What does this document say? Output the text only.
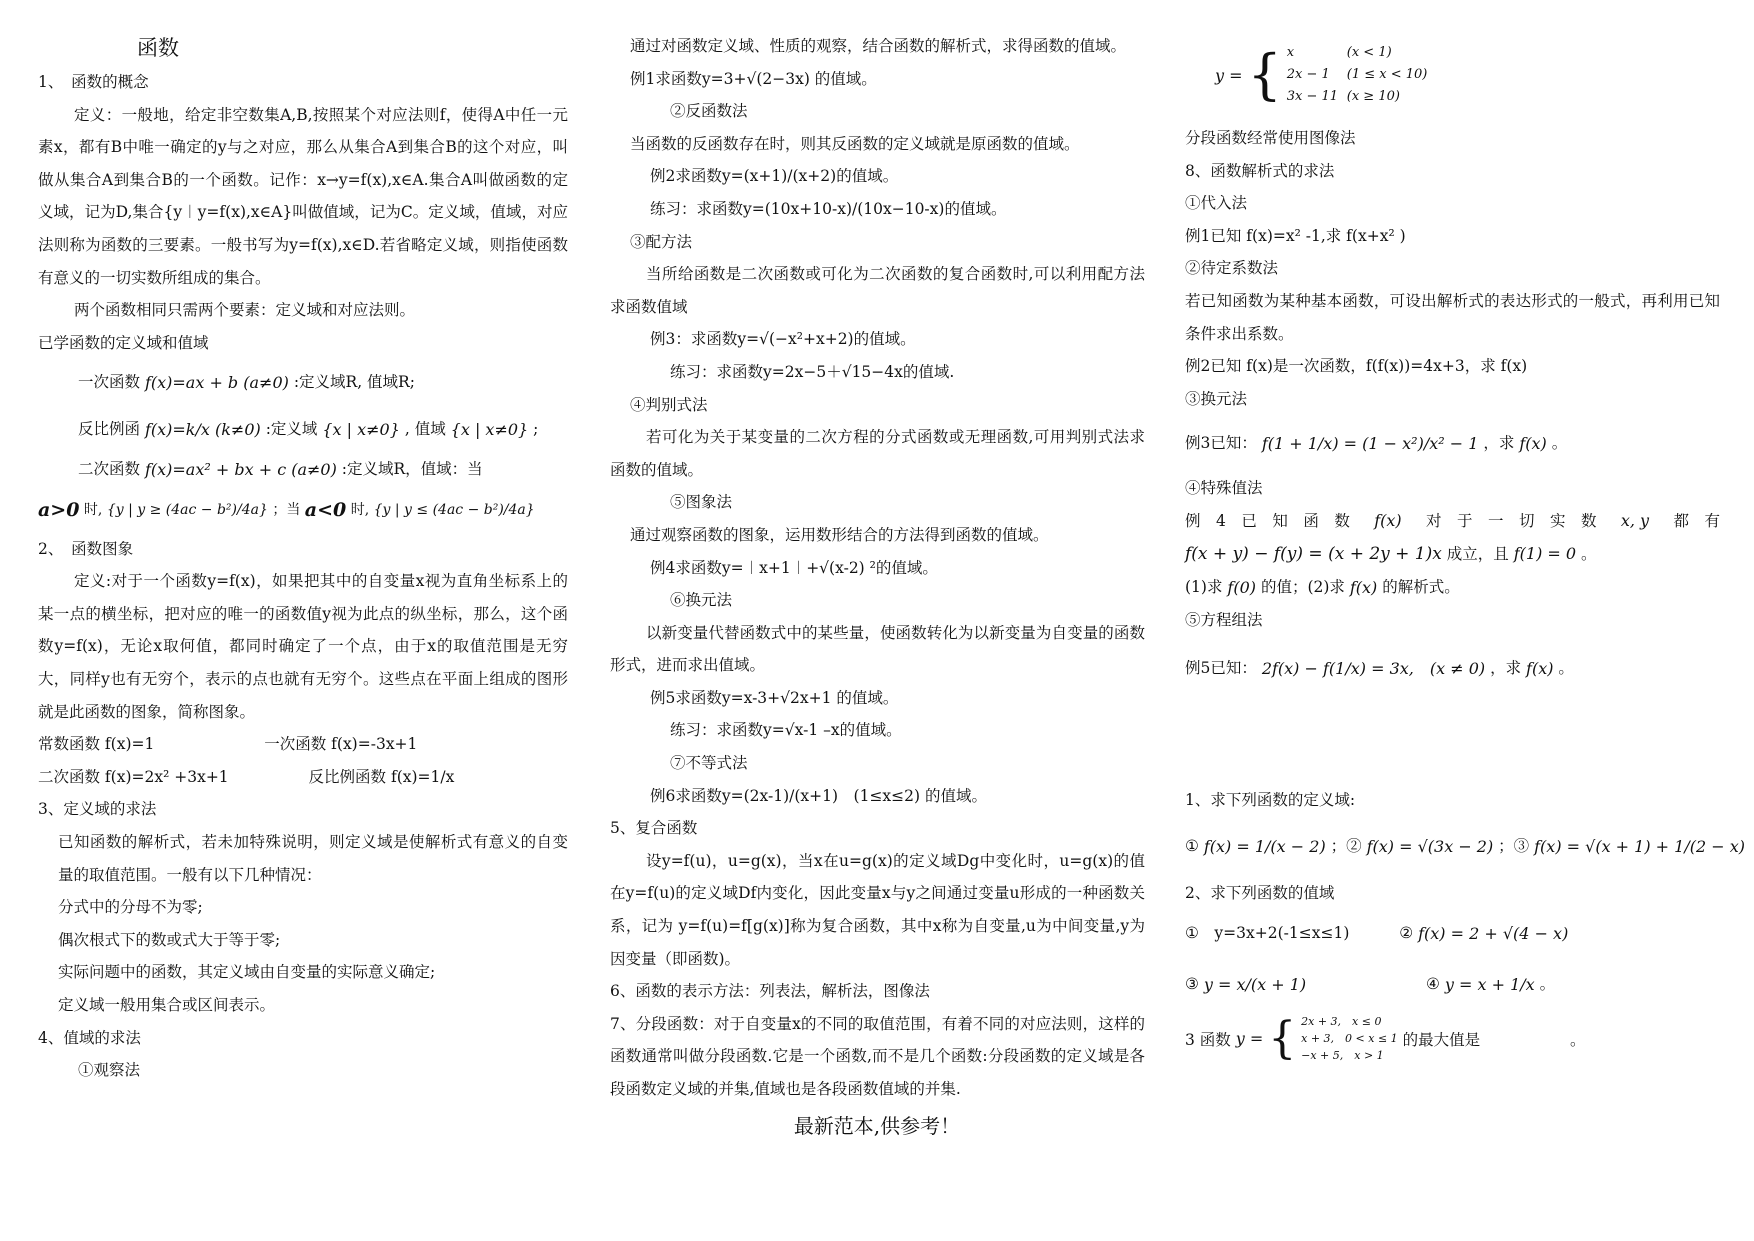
函数
1、　函数的概念
定义：一般地，给定非空数集A,B,按照某个对应法则f，使得A中任一元素x，都有B中唯一确定的y与之对应，那么从集合A到集合B的这个对应，叫做从集合A到集合B的一个函数。记作：x→y=f(x),x∈A.集合A叫做函数的定义域，记为D,集合{y︱y=f(x),x∈A}叫做值域，记为C。定义域，值域，对应法则称为函数的三要素。一般书写为y=f(x),x∈D.若省略定义域，则指使函数有意义的一切实数所组成的集合。
两个函数相同只需两个要素：定义域和对应法则。
已学函数的定义域和值域
一次函数 f(x)=ax + b (a≠0) :定义域R, 值域R;
反比例函 f(x)=k/x (k≠0) :定义域 {x | x≠0} , 值域 {x | x≠0} ;
二次函数 f(x)=ax² + bx + c (a≠0) :定义域R，值域：当
a>0 时, {y | y ≥ (4ac − b²)/4a} ；当 a<0 时, {y | y ≤ (4ac − b²)/4a}
2、　函数图象
定义:对于一个函数y=f(x)，如果把其中的自变量x视为直角坐标系上的某一点的横坐标，把对应的唯一的函数值y视为此点的纵坐标，那么，这个函数y=f(x)，无论x取何值，都同时确定了一个点，由于x的取值范围是无穷大，同样y也有无穷个，表示的点也就有无穷个。这些点在平面上组成的图形就是此函数的图象，简称图象。
常数函数 f(x)=1	一次函数 f(x)=-3x+1
二次函数 f(x)=2x² +3x+1	反比例函数 f(x)=1/x
3、定义域的求法
已知函数的解析式，若未加特殊说明，则定义域是使解析式有意义的自变量的取值范围。一般有以下几种情况：
分式中的分母不为零;
偶次根式下的数或式大于等于零;
实际问题中的函数，其定义域由自变量的实际意义确定;
定义域一般用集合或区间表示。
4、值域的求法
①观察法
通过对函数定义域、性质的观察，结合函数的解析式，求得函数的值域。
例1求函数y=3+√(2−3x) 的值域。
②反函数法
当函数的反函数存在时，则其反函数的定义域就是原函数的值域。
例2求函数y=(x+1)/(x+2)的值域。
练习：求函数y=(10x+10-x)/(10x−10-x)的值域。
③配方法
当所给函数是二次函数或可化为二次函数的复合函数时,可以利用配方法求函数值域
例3：求函数y=√(−x²+x+2)的值域。
练习：求函数y=2x−5＋√15−4x的值域.
④判别式法
若可化为关于某变量的二次方程的分式函数或无理函数,可用判别式法求函数的值域。
⑤图象法
通过观察函数的图象，运用数形结合的方法得到函数的值域。
例4求函数y=︱x+1︱+√(x-2) ²的值域。
⑥换元法
以新变量代替函数式中的某些量，使函数转化为以新变量为自变量的函数形式，进而求出值域。
例5求函数y=x-3+√2x+1 的值域。
练习：求函数y=√x-1 –x的值域。
⑦不等式法
例6求函数y=(2x-1)/(x+1)　(1≤x≤2) 的值域。
5、复合函数
设y=f(u)，u=g(x)，当x在u=g(x)的定义域Dg中变化时，u=g(x)的值在y=f(u)的定义域Df内变化，因此变量x与y之间通过变量u形成的一种函数关系，记为 y=f(u)=f[g(x)]称为复合函数，其中x称为自变量,u为中间变量,y为因变量（即函数)。
6、函数的表示方法：列表法，解析法，图像法
7、分段函数：对于自变量x的不同的取值范围，有着不同的对应法则，这样的函数通常叫做分段函数.它是一个函数,而不是几个函数:分段函数的定义域是各段函数定义域的并集,值域也是各段函数值域的并集.
y = { x	(x < 1)
2x − 1 (1 ≤ x < 10)
3x − 11 (x ≥ 10)
分段函数经常使用图像法
8、函数解析式的求法
①代入法
例1已知 f(x)=x² -1,求 f(x+x² )
②待定系数法
若已知函数为某种基本函数，可设出解析式的表达形式的一般式，再利用已知条件求出系数。
例2已知 f(x)是一次函数，f(f(x))=4x+3，求 f(x)
③换元法
例3已知： f(1 + 1/x) = (1 − x²)/x² − 1 ，求 f(x) 。
④特殊值法
例　4　已　知　函　数 f(x) 对　于　一　切　实　数 x, y 都　有
f(x + y) − f(y) = (x + 2y + 1)x 成立，且 f(1) = 0 。
(1)求 f(0) 的值；(2)求 f(x) 的解析式。
⑤方程组法
例5已知： 2f(x) − f(1/x) = 3x,　(x ≠ 0) ，求 f(x) 。
1、求下列函数的定义域:
① f(x) = 1/(x − 2) ；② f(x) = √(3x − 2) ；③ f(x) = √(x + 1) + 1/(2 − x)
2、求下列函数的值域
①　y=3x+2(-1≤x≤1)	② f(x) = 2 + √(4 − x)
③ y = x/(x + 1)	④ y = x + 1/x 。
3 函数 y = { 2x + 3,　x ≤ 0
x + 3,　0 < x ≤ 1
−x + 5,　x > 1 的最大值是	。
最新范本,供参考！
